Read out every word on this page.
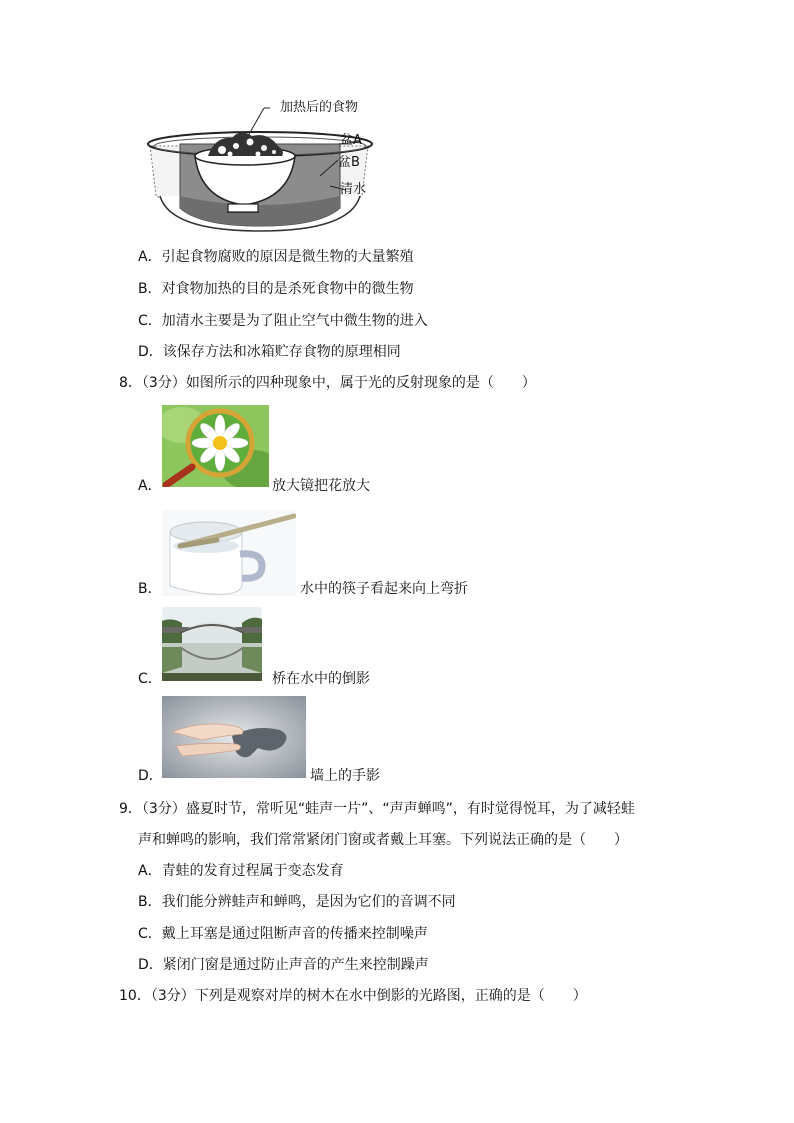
加热后的食物
盆A
盆B
清水
A．引起食物腐败的原因是微生物的大量繁殖
B．对食物加热的目的是杀死食物中的微生物
C．加清水主要是为了阻止空气中微生物的进入
D．该保存方法和冰箱贮存食物的原理相同
8．（3分）如图所示的四种现象中，属于光的反射现象的是（　　）
A．	放大镜把花放大
B．	水中的筷子看起来向上弯折
C．	桥在水中的倒影
D．	墙上的手影
9．（3分）盛夏时节，常听见“蛙声一片”、“声声蝉鸣”，有时觉得悦耳，为了减轻蛙
声和蝉鸣的影响，我们常常紧闭门窗或者戴上耳塞。下列说法正确的是（　　）
A．青蛙的发育过程属于变态发育
B．我们能分辨蛙声和蝉鸣，是因为它们的音调不同
C．戴上耳塞是通过阻断声音的传播来控制噪声
D．紧闭门窗是通过防止声音的产生来控制躁声
10．（3分）下列是观察对岸的树木在水中倒影的光路图，正确的是（　　）
